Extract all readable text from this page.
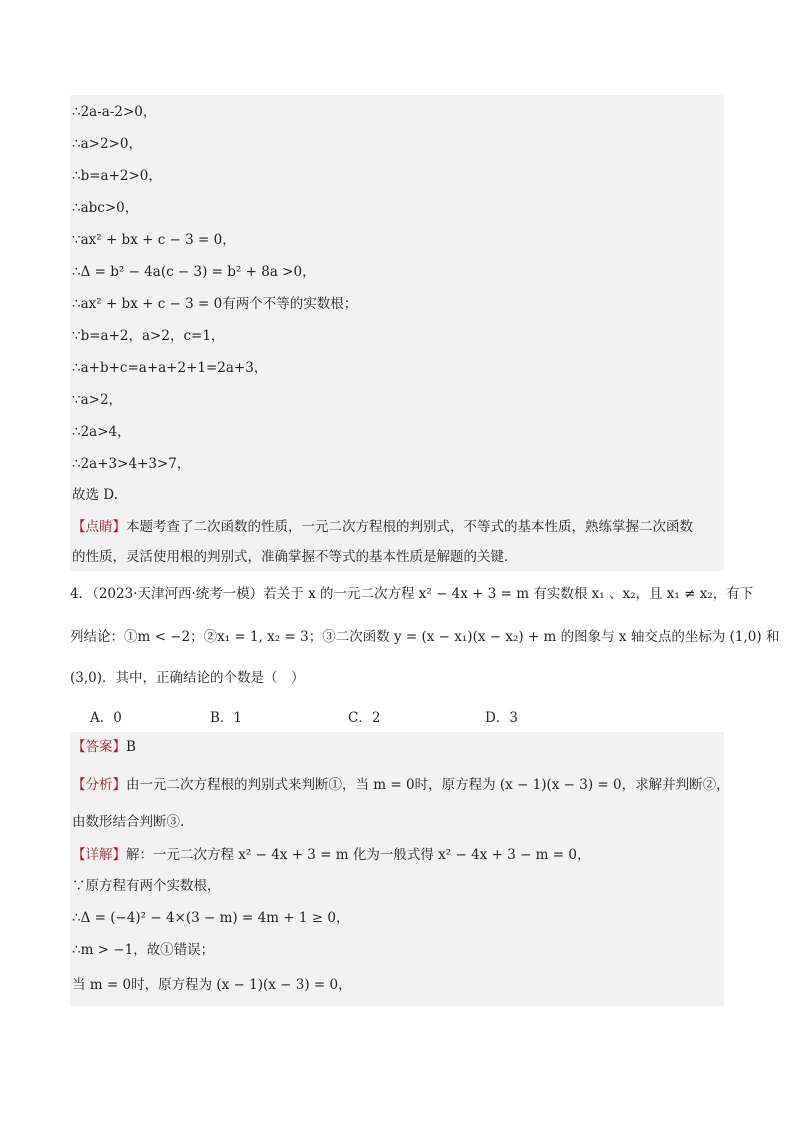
∴2a-a-2>0，
∴a>2>0，
∴b=a+2>0，
∴abc>0，
∵ax² + bx + c − 3 = 0，
∴Δ = b² − 4a(c − 3) = b² + 8a >0，
∴ax² + bx + c − 3 = 0有两个不等的实数根；
∵b=a+2，a>2，c=1，
∴a+b+c=a+a+2+1=2a+3，
∵a>2，
∴2a>4，
∴2a+3>4+3>7，
故选 D.
【点睛】本题考查了二次函数的性质，一元二次方程根的判别式，不等式的基本性质，熟练掌握二次函数
的性质，灵活使用根的判别式，准确掌握不等式的基本性质是解题的关键．
4．（2023·天津河西·统考一模）若关于 x 的一元二次方程 x² − 4x + 3 = m 有实数根 x₁ 、x₂，且 x₁ ≠ x₂，有下
列结论：①m < −2；②x₁ = 1, x₂ = 3；③二次函数 y = (x − x₁)(x − x₂) + m 的图象与 x 轴交点的坐标为 (1,0) 和
(3,0)．其中，正确结论的个数是（　）
A．0	B．1	C．2	D．3
【答案】B
【分析】由一元二次方程根的判别式来判断①，当 m = 0时，原方程为 (x − 1)(x − 3) = 0，求解并判断②，
由数形结合判断③.
【详解】解：一元二次方程 x² − 4x + 3 = m 化为一般式得 x² − 4x + 3 − m = 0，
∵原方程有两个实数根，
∴Δ = (−4)² − 4×(3 − m) = 4m + 1 ≥ 0，
∴m > −1，故①错误；
当 m = 0时，原方程为 (x − 1)(x − 3) = 0，
